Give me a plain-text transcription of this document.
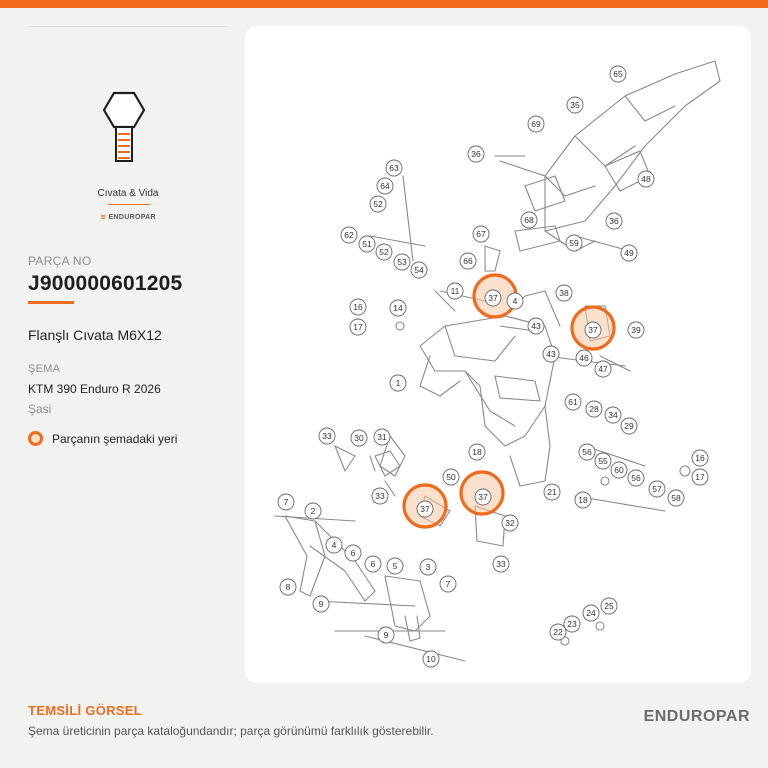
Cıvata & Vida
≋ ENDUROPAR
PARÇA NO
J900000601205
Flanşlı Cıvata M6X12
ŞEMA
KTM 390 Enduro R 2026
Şasi
Parçanın şemadaki yeri
65
35
69
36
48
63
64
52
68	36
62
51
52
53
54
67
59
49
66
11
4
38
16	14
37
43	37	39
17
1
43	46
47
61
28
34
29
30
33	31
18	56
55
60
56
16
17
33
50
37
37	21
18
57
58
7
2
32
4
6
33
6 5	3
7
8
9
9
10
24
25
23
22
TEMSİLİ GÖRSEL
Şema üreticinin parça kataloğundandır; parça görünümü farklılık gösterebilir.
ENDUROPAR
